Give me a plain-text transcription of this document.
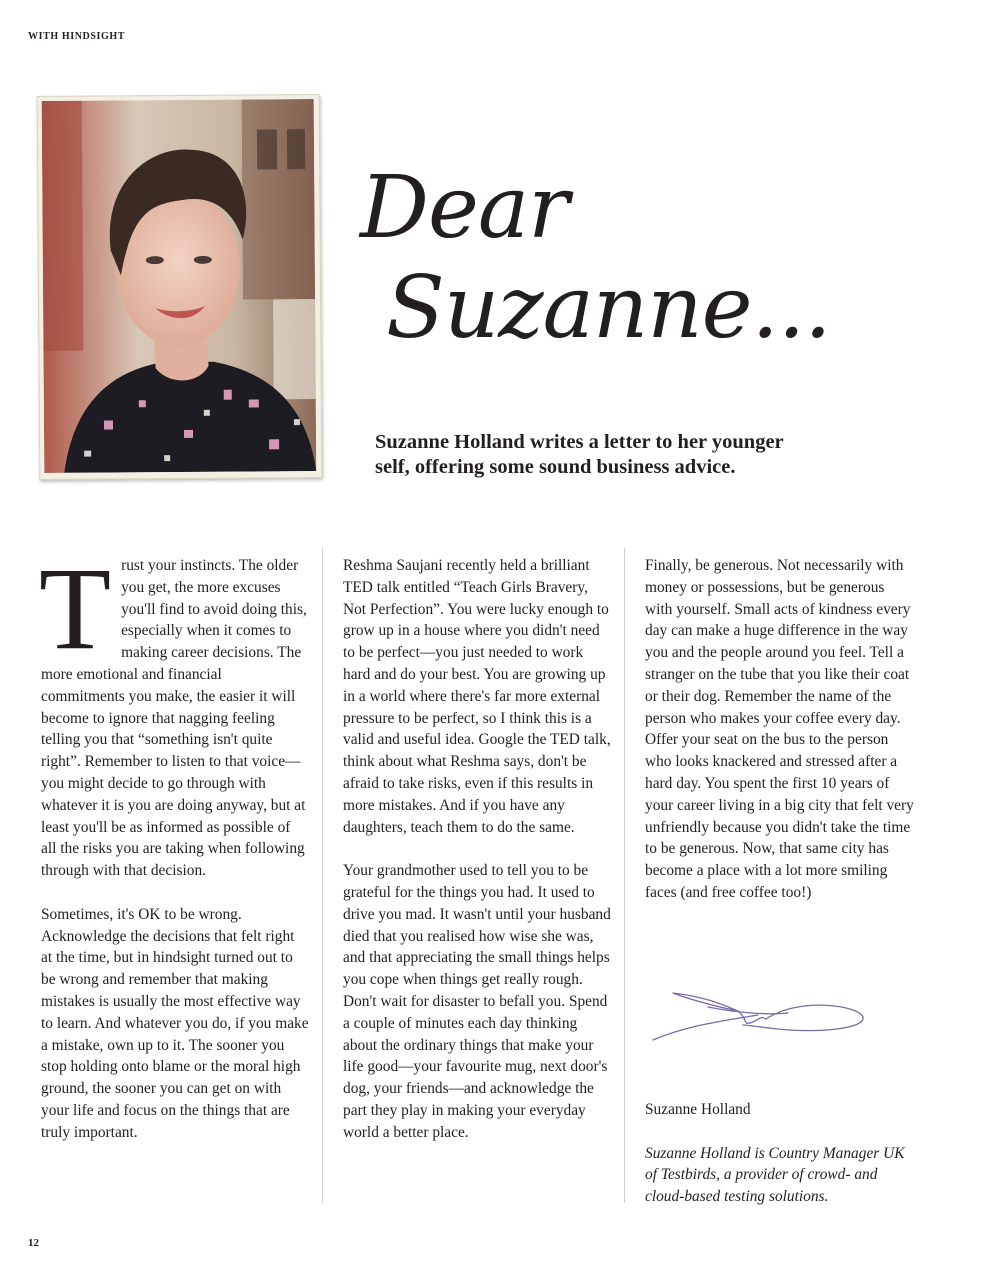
WITH HINDSIGHT
Dear
Suzanne...
Suzanne Holland writes a letter to her younger self, offering some sound business advice.

Trust your instincts. The older you get, the more excuses you'll find to avoid doing this, especially when it comes to making career decisions. The more emotional and financial commitments you make, the easier it will become to ignore that nagging feeling telling you that “something isn't quite right”. Remember to listen to that voice— you might decide to go through with whatever it is you are doing anyway, but at least you'll be as informed as possible of all the risks you are taking when following through with that decision.

Sometimes, it's OK to be wrong. Acknowledge the decisions that felt right at the time, but in hindsight turned out to be wrong and remember that making mistakes is usually the most effective way to learn. And whatever you do, if you make a mistake, own up to it. The sooner you stop holding onto blame or the moral high ground, the sooner you can get on with your life and focus on the things that are truly important.

Reshma Saujani recently held a brilliant TED talk entitled “Teach Girls Bravery, Not Perfection”. You were lucky enough to grow up in a house where you didn't need to be perfect—you just needed to work hard and do your best. You are growing up in a world where there's far more external pressure to be perfect, so I think this is a valid and useful idea. Google the TED talk, think about what Reshma says, don't be afraid to take risks, even if this results in more mistakes. And if you have any daughters, teach them to do the same.

Your grandmother used to tell you to be grateful for the things you had. It used to drive you mad. It wasn't until your husband died that you realised how wise she was, and that appreciating the small things helps you cope when things get really rough. Don't wait for disaster to befall you. Spend a couple of minutes each day thinking about the ordinary things that make your life good—your favourite mug, next door's dog, your friends—and acknowledge the part they play in making your everyday world a better place.

Finally, be generous. Not necessarily with money or possessions, but be generous with yourself. Small acts of kindness every day can make a huge difference in the way you and the people around you feel. Tell a stranger on the tube that you like their coat or their dog. Remember the name of the person who makes your coffee every day. Offer your seat on the bus to the person who looks knackered and stressed after a hard day. You spent the first 10 years of your career living in a big city that felt very unfriendly because you didn't take the time to be generous. Now, that same city has become a place with a lot more smiling faces (and free coffee too!)

Suzanne Holland

Suzanne Holland is Country Manager UK of Testbirds, a provider of crowd- and cloud-based testing solutions.

12
